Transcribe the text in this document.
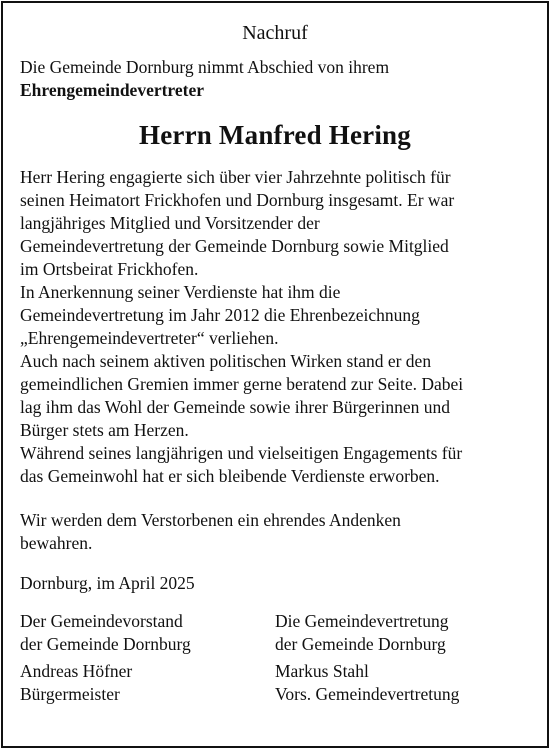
Nachruf

Die Gemeinde Dornburg nimmt Abschied von ihrem

Ehrengemeindevertreter

Herrn Manfred Hering

Herr Hering engagierte sich über vier Jahrzehnte politisch für

seinen Heimatort Frickhofen und Dornburg insgesamt. Er war

langjähriges Mitglied und Vorsitzender der

Gemeindevertretung der Gemeinde Dornburg sowie Mitglied

im Ortsbeirat Frickhofen.

In Anerkennung seiner Verdienste hat ihm die

Gemeindevertretung im Jahr 2012 die Ehrenbezeichnung

„Ehrengemeindevertreter“ verliehen.

Auch nach seinem aktiven politischen Wirken stand er den

gemeindlichen Gremien immer gerne beratend zur Seite. Dabei

lag ihm das Wohl der Gemeinde sowie ihrer Bürgerinnen und

Bürger stets am Herzen.

Während seines langjährigen und vielseitigen Engagements für

das Gemeinwohl hat er sich bleibende Verdienste erworben.

Wir werden dem Verstorbenen ein ehrendes Andenken

bewahren.

Dornburg, im April 2025

Der Gemeindevorstand

der Gemeinde Dornburg

Andreas Höfner

Bürgermeister

Die Gemeindevertretung

der Gemeinde Dornburg

Markus Stahl

Vors. Gemeindevertretung
